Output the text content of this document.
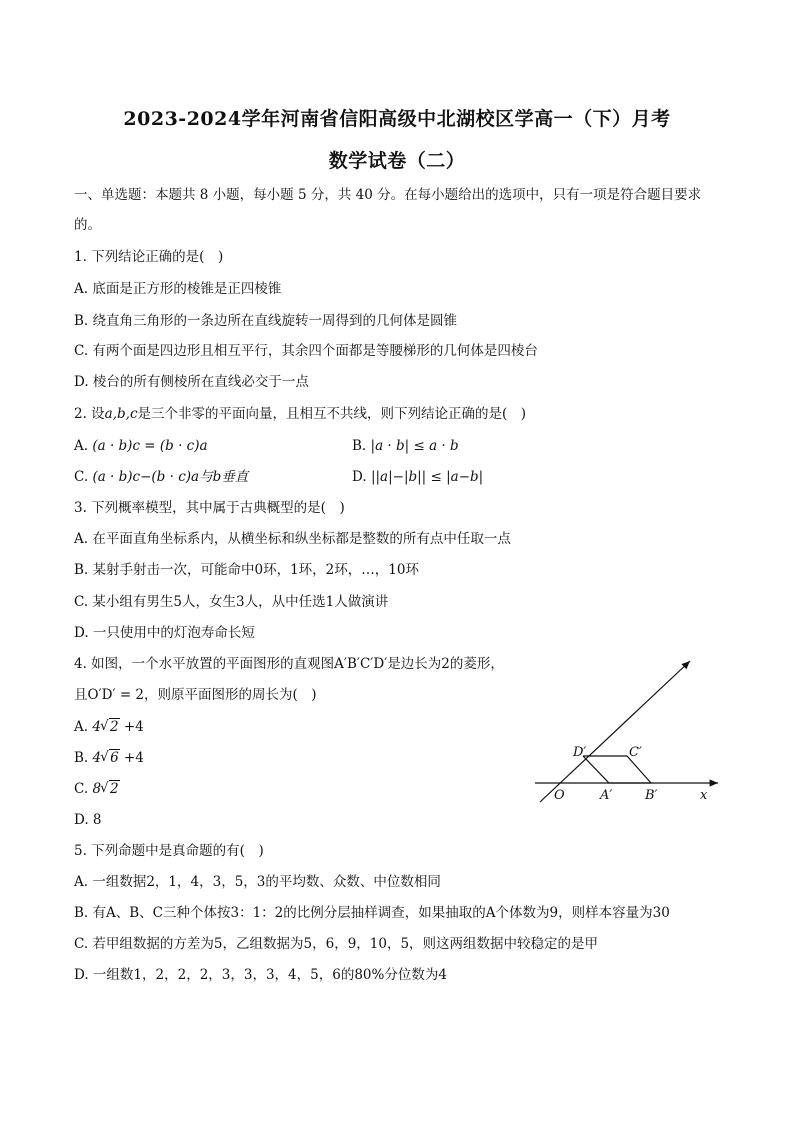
2023-2024学年河南省信阳高级中北湖校区学高一（下）月考
数学试卷（二）
一、单选题：本题共 8 小题，每小题 5 分，共 40 分。在每小题给出的选项中，只有一项是符合题目要求
的。
1. 下列结论正确的是(　)
A. 底面是正方形的棱锥是正四棱锥
B. 绕直角三角形的一条边所在直线旋转一周得到的几何体是圆锥
C. 有两个面是四边形且相互平行，其余四个面都是等腰梯形的几何体是四棱台
D. 棱台的所有侧棱所在直线必交于一点
2. 设a,b,c是三个非零的平面向量，且相互不共线，则下列结论正确的是(　)
A. (a · b)c = (b · c)a	B. |a · b| ≤ a · b
C. (a · b)c−(b · c)a与b垂直	D. ||a|−|b|| ≤ |a−b|
3. 下列概率模型，其中属于古典概型的是(　)
A. 在平面直角坐标系内，从横坐标和纵坐标都是整数的所有点中任取一点
B. 某射手射击一次，可能命中0环，1环，2环，…，10环
C. 某小组有男生5人，女生3人，从中任选1人做演讲
D. 一只使用中的灯泡寿命长短
4. 如图，一个水平放置的平面图形的直观图A′B′C′D′是边长为2的菱形，
且O′D′ = 2，则原平面图形的周长为(　)
A. 4 √ 2 +4
B. 4 √ 6 +4
C. 8 √ 2
D. 8
D′	C′
O	A′	B′	x
5. 下列命题中是真命题的有(　)
A. 一组数据2，1，4，3，5，3的平均数、众数、中位数相同
B. 有A、B、C三种个体按3：1：2的比例分层抽样调查，如果抽取的A个体数为9，则样本容量为30
C. 若甲组数据的方差为5，乙组数据为5，6，9，10，5，则这两组数据中较稳定的是甲
D. 一组数1，2，2，2，3，3，3，4，5，6的80%分位数为4
